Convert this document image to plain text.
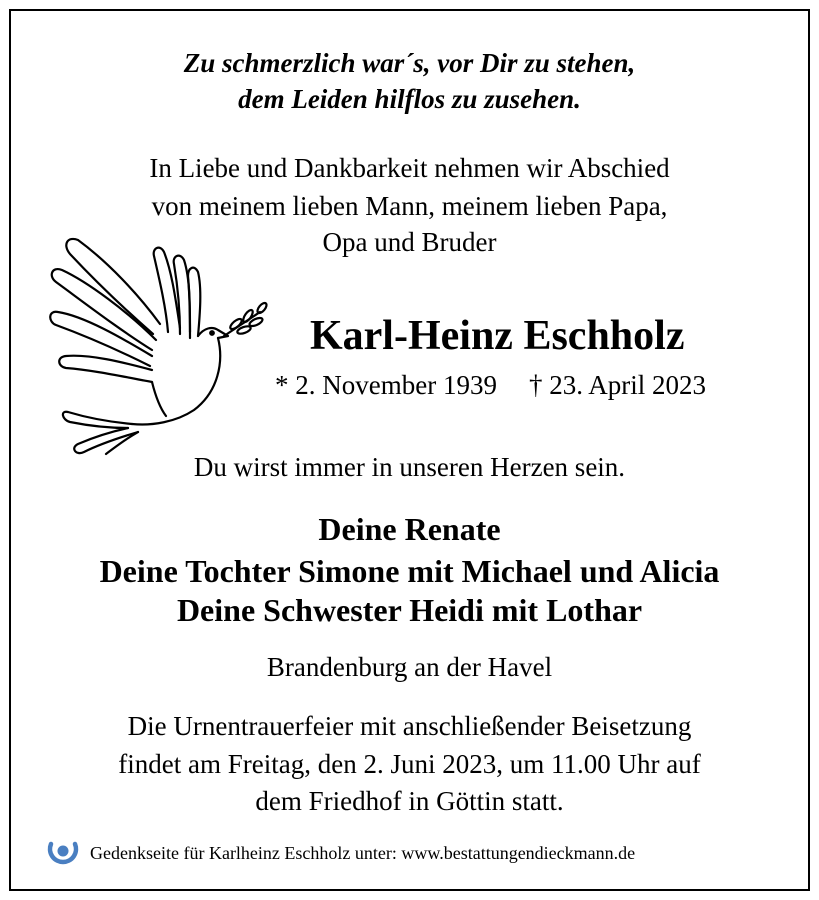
Zu schmerzlich war´s, vor Dir zu stehen,
dem Leiden hilflos zu zusehen.
In Liebe und Dankbarkeit nehmen wir Abschied
von meinem lieben Mann, meinem lieben Papa,
Opa und Bruder
Karl-Heinz Eschholz
* 2. November 1939 † 23. April 2023
Du wirst immer in unseren Herzen sein.
Deine Renate
Deine Tochter Simone mit Michael und Alicia
Deine Schwester Heidi mit Lothar
Brandenburg an der Havel
Die Urnentrauerfeier mit anschließender Beisetzung
findet am Freitag, den 2. Juni 2023, um 11.00 Uhr auf
dem Friedhof in Göttin statt.
Gedenkseite für Karlheinz Eschholz unter: www.bestattungendieckmann.de
